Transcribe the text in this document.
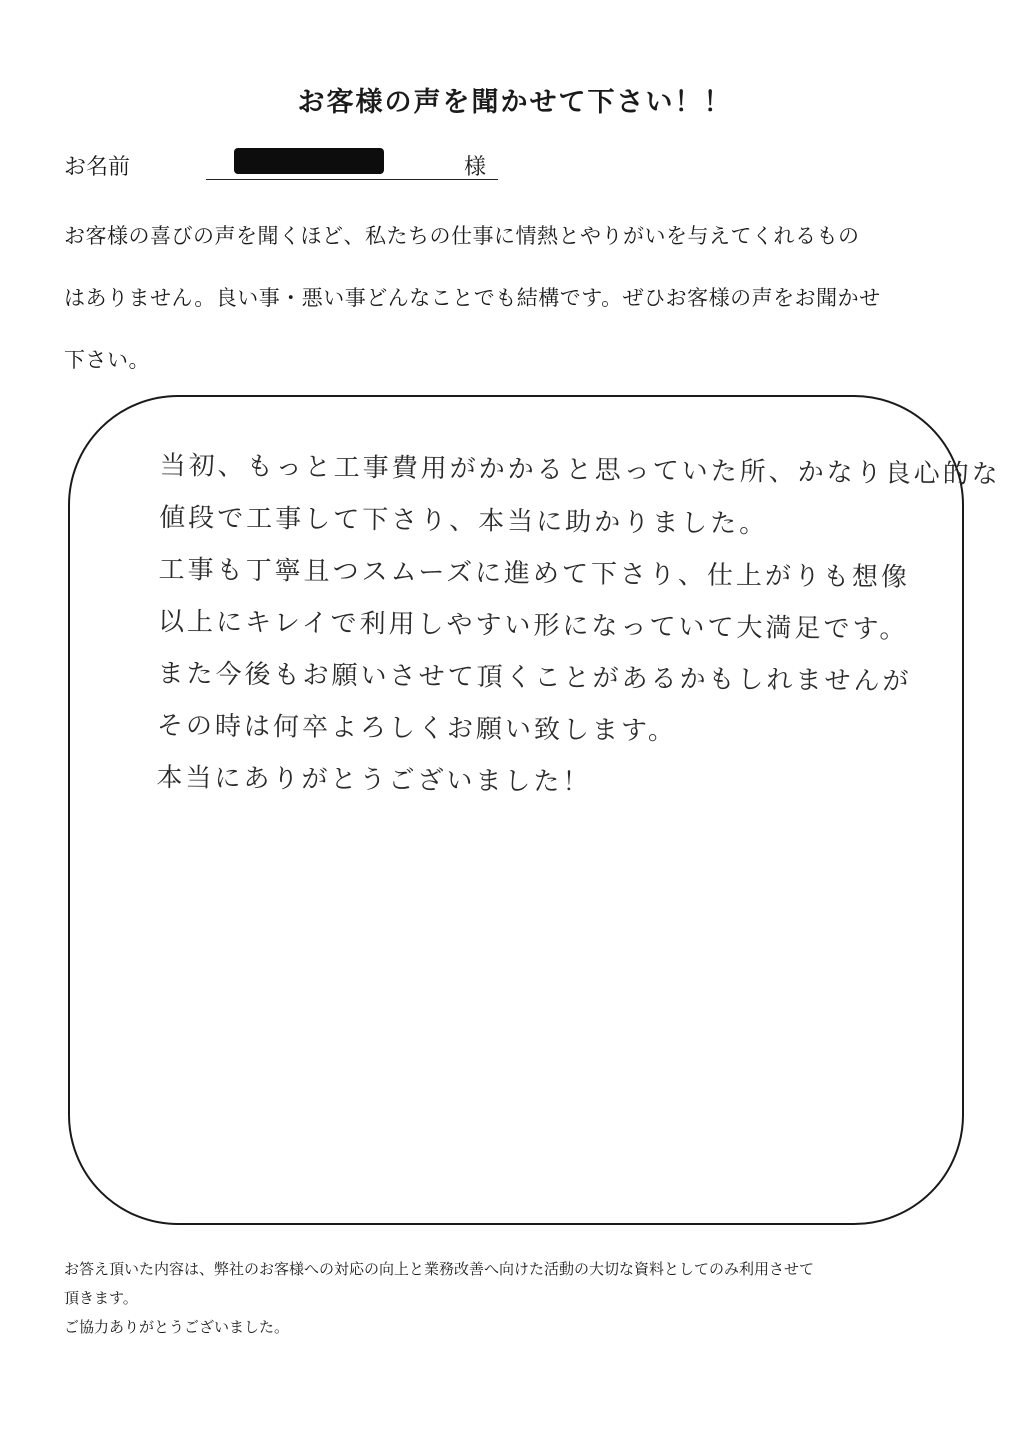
お客様の声を聞かせて下さい！！
お名前	様
お客様の喜びの声を聞くほど、私たちの仕事に情熱とやりがいを与えてくれるもの
はありません。良い事・悪い事どんなことでも結構です。ぜひお客様の声をお聞かせ
下さい。
当初、もっと工事費用がかかると思っていた所、かなり良心的な
値段で工事して下さり、本当に助かりました。
工事も丁寧且つスムーズに進めて下さり、仕上がりも想像
以上にキレイで利用しやすい形になっていて大満足です。
また今後もお願いさせて頂くことがあるかもしれませんが
その時は何卒よろしくお願い致します。
本当にありがとうございました！
お答え頂いた内容は、弊社のお客様への対応の向上と業務改善へ向けた活動の大切な資料としてのみ利用させて
頂きます。
ご協力ありがとうございました。
